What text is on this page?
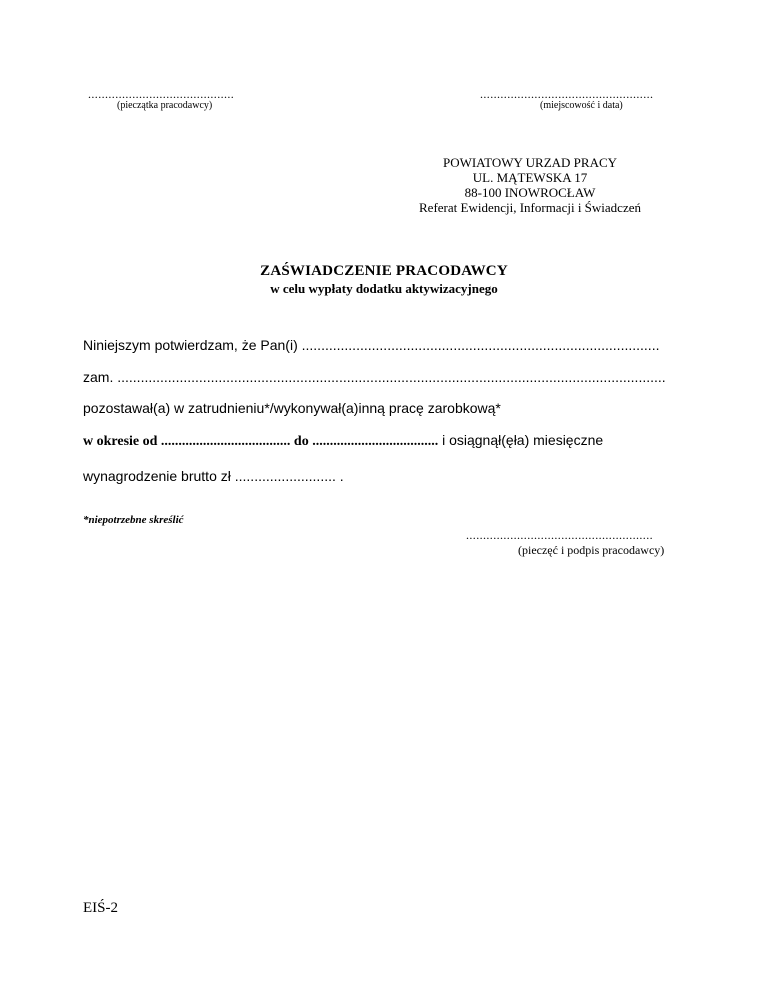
...........................................
(pieczątka pracodawcy)
...................................................
(miejscowość i data)
POWIATOWY URZAD PRACY
UL. MĄTEWSKA 17
88-100 INOWROCŁAW
Referat Ewidencji, Informacji i Świadczeń
ZAŚWIADCZENIE PRACODAWCY
w celu wypłaty dodatku aktywizacyjnego
Niniejszym potwierdzam, że Pan(i) ............................................................................................
zam. .............................................................................................................................................
pozostawał(a) w zatrudnieniu*/wykonywał(a)inną pracę zarobkową*
w okresie od ..................................... do .................................... i osiągnął(ęła) miesięczne
wynagrodzenie brutto zł .......................... .
*niepotrzebne skreślić
.......................................................
(pieczęć i podpis pracodawcy)
EIŚ-2
